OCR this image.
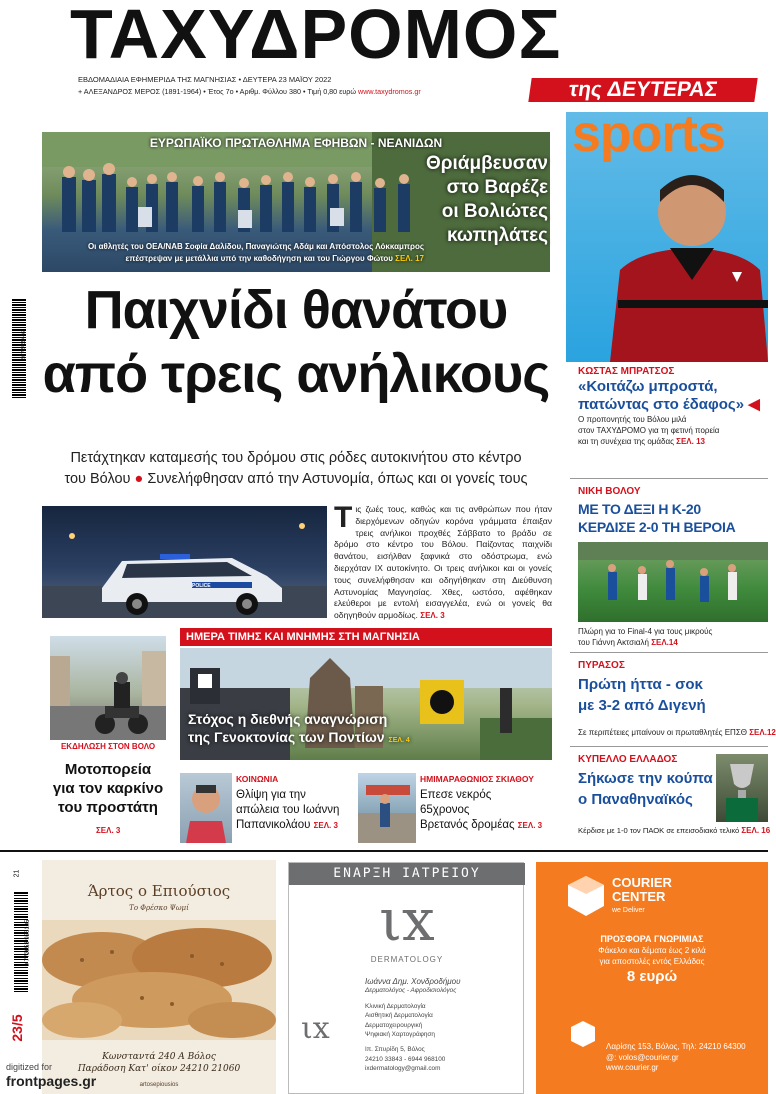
ΤΑΧΥΔΡΟΜΟΣ
ΕΒΔΟΜΑΔΙΑΙΑ ΕΦΗΜΕΡΙΔΑ ΤΗΣ ΜΑΓΝΗΣΙΑΣ • ΔΕΥΤΕΡΑ 23 ΜΑΪΟΥ 2022
+ ΑΛΕΞΑΝΔΡΟΣ ΜΕΡΟΣ (1891-1964) • Έτος 7ο • Αριθμ. Φύλλου 380 • Τιμή 0,80 ευρώ www.taxydromos.gr	της ΔΕΥΤΕΡΑΣ
9772459446
ΕΥΡΩΠΑΪΚΟ ΠΡΩΤΑΘΛΗΜΑ ΕΦΗΒΩΝ - ΝΕΑΝΙΔΩΝ
Θριάμβευσαν
στο Βαρέζε
οι Βολιώτες
κωπηλάτες
Οι αθλητές του ΟΕΑ/ΝΑΒ Σοφία Δαλίδου, Παναγιώτης Αδάμ και Απόστολος Λόκκαμπρος
επέστρεψαν με μετάλλια υπό την καθοδήγηση και του Γιώργου Φώτου ΣΕΛ. 17
Παιχνίδι θανάτου
από τρεις ανήλικους
Πετάχτηκαν καταμεσής του δρόμου στις ρόδες αυτοκινήτου στο κέντρο
του Βόλου ● Συνελήφθησαν από την Αστυνομία, όπως και οι γονείς τους
POLICE
Τ ις ζωές τους, καθώς και τις ανθρώπων που ήταν διερχόμενων οδηγών κορόνα γράμματα έπαιξαν τρεις ανήλικοι προχθές Σάββατο το βράδυ σε δρόμο στο κέντρο του Βόλου. Παίζοντας παιχνίδι θανάτου, εισήλθαν ξαφνικά στο οδόστρωμα, ενώ διερχόταν ΙΧ αυτοκίνητο. Οι τρεις ανήλικοι και οι γονείς τους συνελήφθησαν και οδηγήθηκαν στη Διεύθυνση Αστυνομίας Μαγνησίας. Χθες, ωστόσο, αφέθηκαν ελεύθεροι με εντολή εισαγγελέα, ενώ οι γονείς θα οδηγηθούν αρμοδίως. ΣΕΛ. 3
ΕΚΔΗΛΩΣΗ ΣΤΟΝ ΒΟΛΟ
Μοτοπορεία
για τον καρκίνο
του προστάτη
ΣΕΛ. 3
ΗΜΕΡΑ ΤΙΜΗΣ ΚΑΙ ΜΝΗΜΗΣ ΣΤΗ ΜΑΓΝΗΣΙΑ
Στόχος η διεθνής αναγνώριση
της Γενοκτονίας των Ποντίων ΣΕΛ. 4
ΚΟΙΝΩΝΙΑ
Θλίψη για την
απώλεια του Ιωάννη
Παπανικολάου ΣΕΛ. 3
ΗΜΙΜΑΡΑΘΩΝΙΟΣ ΣΚΙΑΘΟΥ
Επεσε νεκρός
65χρονος
Βρετανός δρομέας ΣΕΛ. 3
sports
ΚΩΣΤΑΣ ΜΠΡΑΤΣΟΣ
«Κοιτάζω μπροστά,
πατώντας στο έδαφος» ◀
Ο προπονητής του Βόλου μιλά
στον ΤΑΧΥΔΡΟΜΟ για τη φετινή πορεία
και τη συνέχεια της ομάδας ΣΕΛ. 13
ΝΙΚΗ ΒΟΛΟΥ
ΜΕ ΤΟ ΔΕΞΙ Η Κ-20
ΚΕΡΔΙΣΕ 2-0 ΤΗ ΒΕΡΟΙΑ
Πλώρη για το Final-4 για τους μικρούς
του Γιάννη Ακτσιαλή ΣΕΛ.14
ΠΥΡΑΣΟΣ
Πρώτη ήττα - σοκ
με 3-2 από Διγενή
Σε περιπέτειες μπαίνουν οι πρωταθλητές ΕΠΣΘ ΣΕΛ.12
ΚΥΠΕΛΛΟ ΕΛΛΑΔΟΣ
Σήκωσε την κούπα
ο Παναθηναϊκός
Κέρδισε με 1-0 τον ΠΑΟΚ σε επεισοδιακό τελικό ΣΕΛ. 16
Άρτος ο Επιούσιος
Το Φρέσκο Ψωμί
Κωνσταντά 240 Α Βόλος
Παράδοση Κατ' οίκον 24210 21060
artosepiousios
ΕΝΑΡΞΗ ΙΑΤΡΕΙΟΥ
ιx
DERMATOLOGY
ιx
Ιωάννα Δημ. Χονδροδήμου
Δερματολόγος - Αφροδισιολόγος
Κλινική Δερματολογία
Αισθητική Δερματολογία
Δερματοχειρουργική
Ψηφιακή Χαρτογράφηση
Ιπ. Σπυρίδη 5, Βόλος
24210 33843 - 6944 968100
ixdermatology@gmail.com
COURIER
CENTER
we Deliver
ΠΡΟΣΦΟΡΑ ΓΝΩΡΙΜΙΑΣ
Φάκελοι και δέματα έως 2 κιλά
για αποστολές εντός Ελλάδας
8 ευρώ
Λαρίσης 153, Βόλος, Τηλ: 24210 64300
@: volos@courier.gr
www.courier.gr
9 772653 926105
21
23/5
digitized for
frontpages.gr
